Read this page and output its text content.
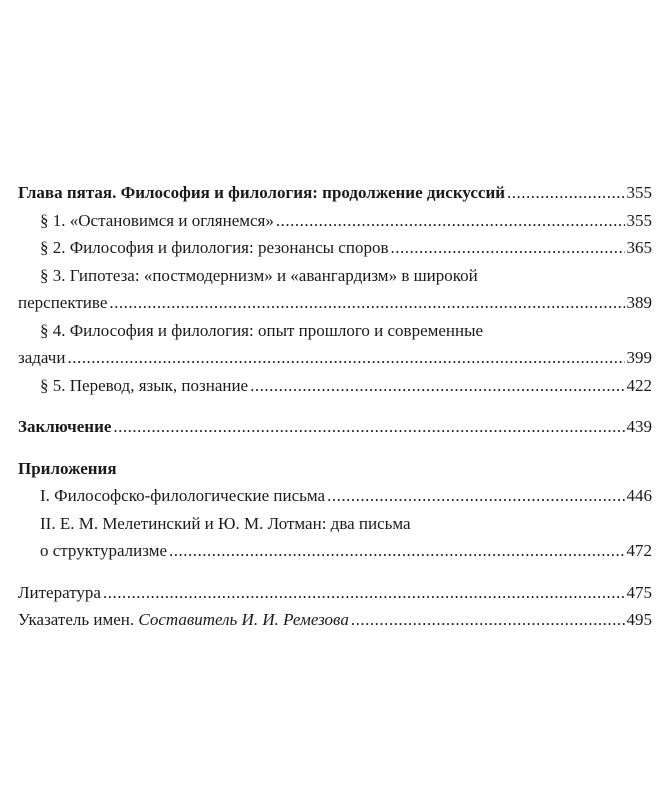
Глава пятая. Философия и филология: продолжение дискуссий .....	355
§ 1. «Остановимся и оглянемся» .....	355
§ 2. Философия и филология: резонансы споров .....	365
§ 3. Гипотеза: «постмодернизм» и «авангардизм» в широкой
перспективе .....	389
§ 4. Философия и филология: опыт прошлого и современные
задачи .....	399
§ 5. Перевод, язык, познание .....	422
Заключение .....	439
Приложения
I. Философско-филологические письма .....	446
II. Е. М. Мелетинский и Ю. М. Лотман: два письма
о структурализме .....	472
Литература .....	475
Указатель имен. Составитель И. И. Ремезова .....	495
